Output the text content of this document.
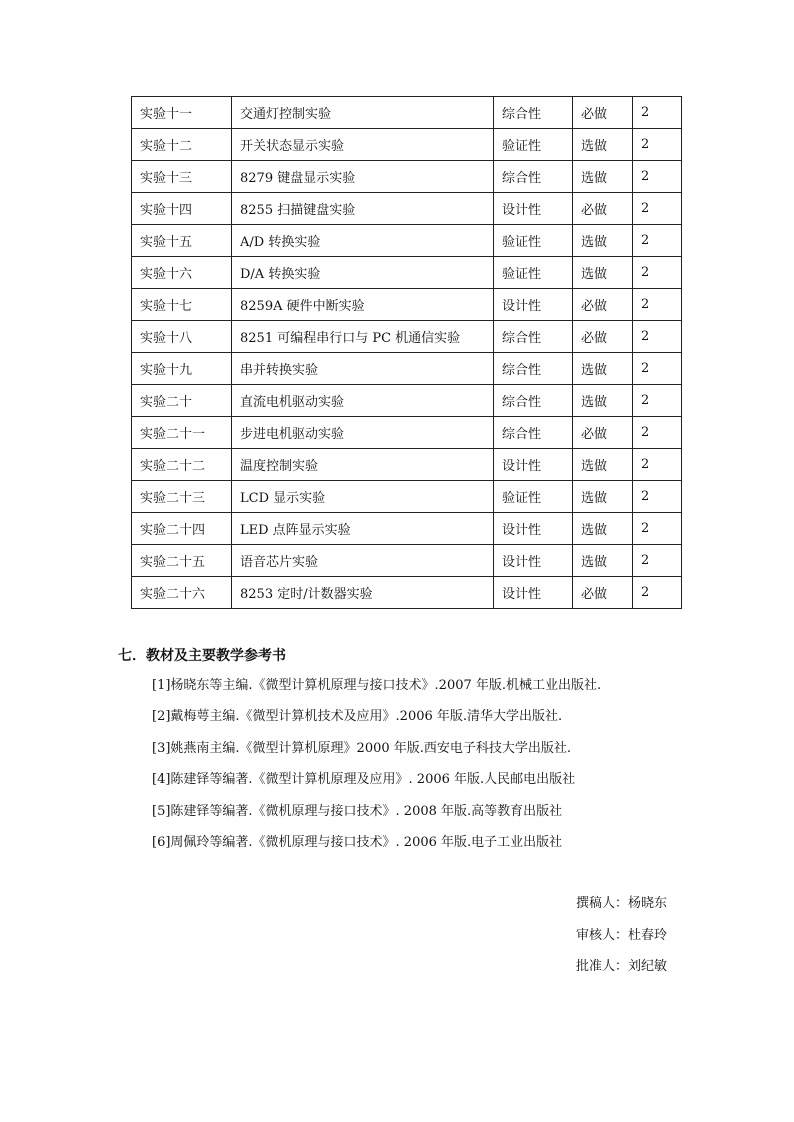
实验十一	交通灯控制实验	综合性	必做	2
实验十二	开关状态显示实验	验证性	选做	2
实验十三	8279 键盘显示实验	综合性	选做	2
实验十四	8255 扫描键盘实验	设计性	必做	2
实验十五	A/D 转换实验	验证性	选做	2
实验十六	D/A 转换实验	验证性	选做	2
实验十七	8259A 硬件中断实验	设计性	必做	2
实验十八	8251 可编程串行口与 PC 机通信实验	综合性	必做	2
实验十九	串并转换实验	综合性	选做	2
实验二十	直流电机驱动实验	综合性	选做	2
实验二十一	步进电机驱动实验	综合性	必做	2
实验二十二	温度控制实验	设计性	选做	2
实验二十三	LCD 显示实验	验证性	选做	2
实验二十四	LED 点阵显示实验	设计性	选做	2
实验二十五	语音芯片实验	设计性	选做	2
实验二十六	8253 定时/计数器实验	设计性	必做	2
七．教材及主要教学参考书
[1]杨晓东等主编.《微型计算机原理与接口技术》.2007 年版.机械工业出版社.
[2]戴梅萼主编.《微型计算机技术及应用》.2006 年版.清华大学出版社.
[3]姚燕南主编.《微型计算机原理》2000 年版.西安电子科技大学出版社.
[4]陈建铎等编著.《微型计算机原理及应用》. 2006 年版.人民邮电出版社
[5]陈建铎等编著.《微机原理与接口技术》. 2008 年版.高等教育出版社
[6]周佩玲等编著.《微机原理与接口技术》. 2006 年版.电子工业出版社
撰稿人：杨晓东
审核人：杜春玲
批准人：刘纪敏
